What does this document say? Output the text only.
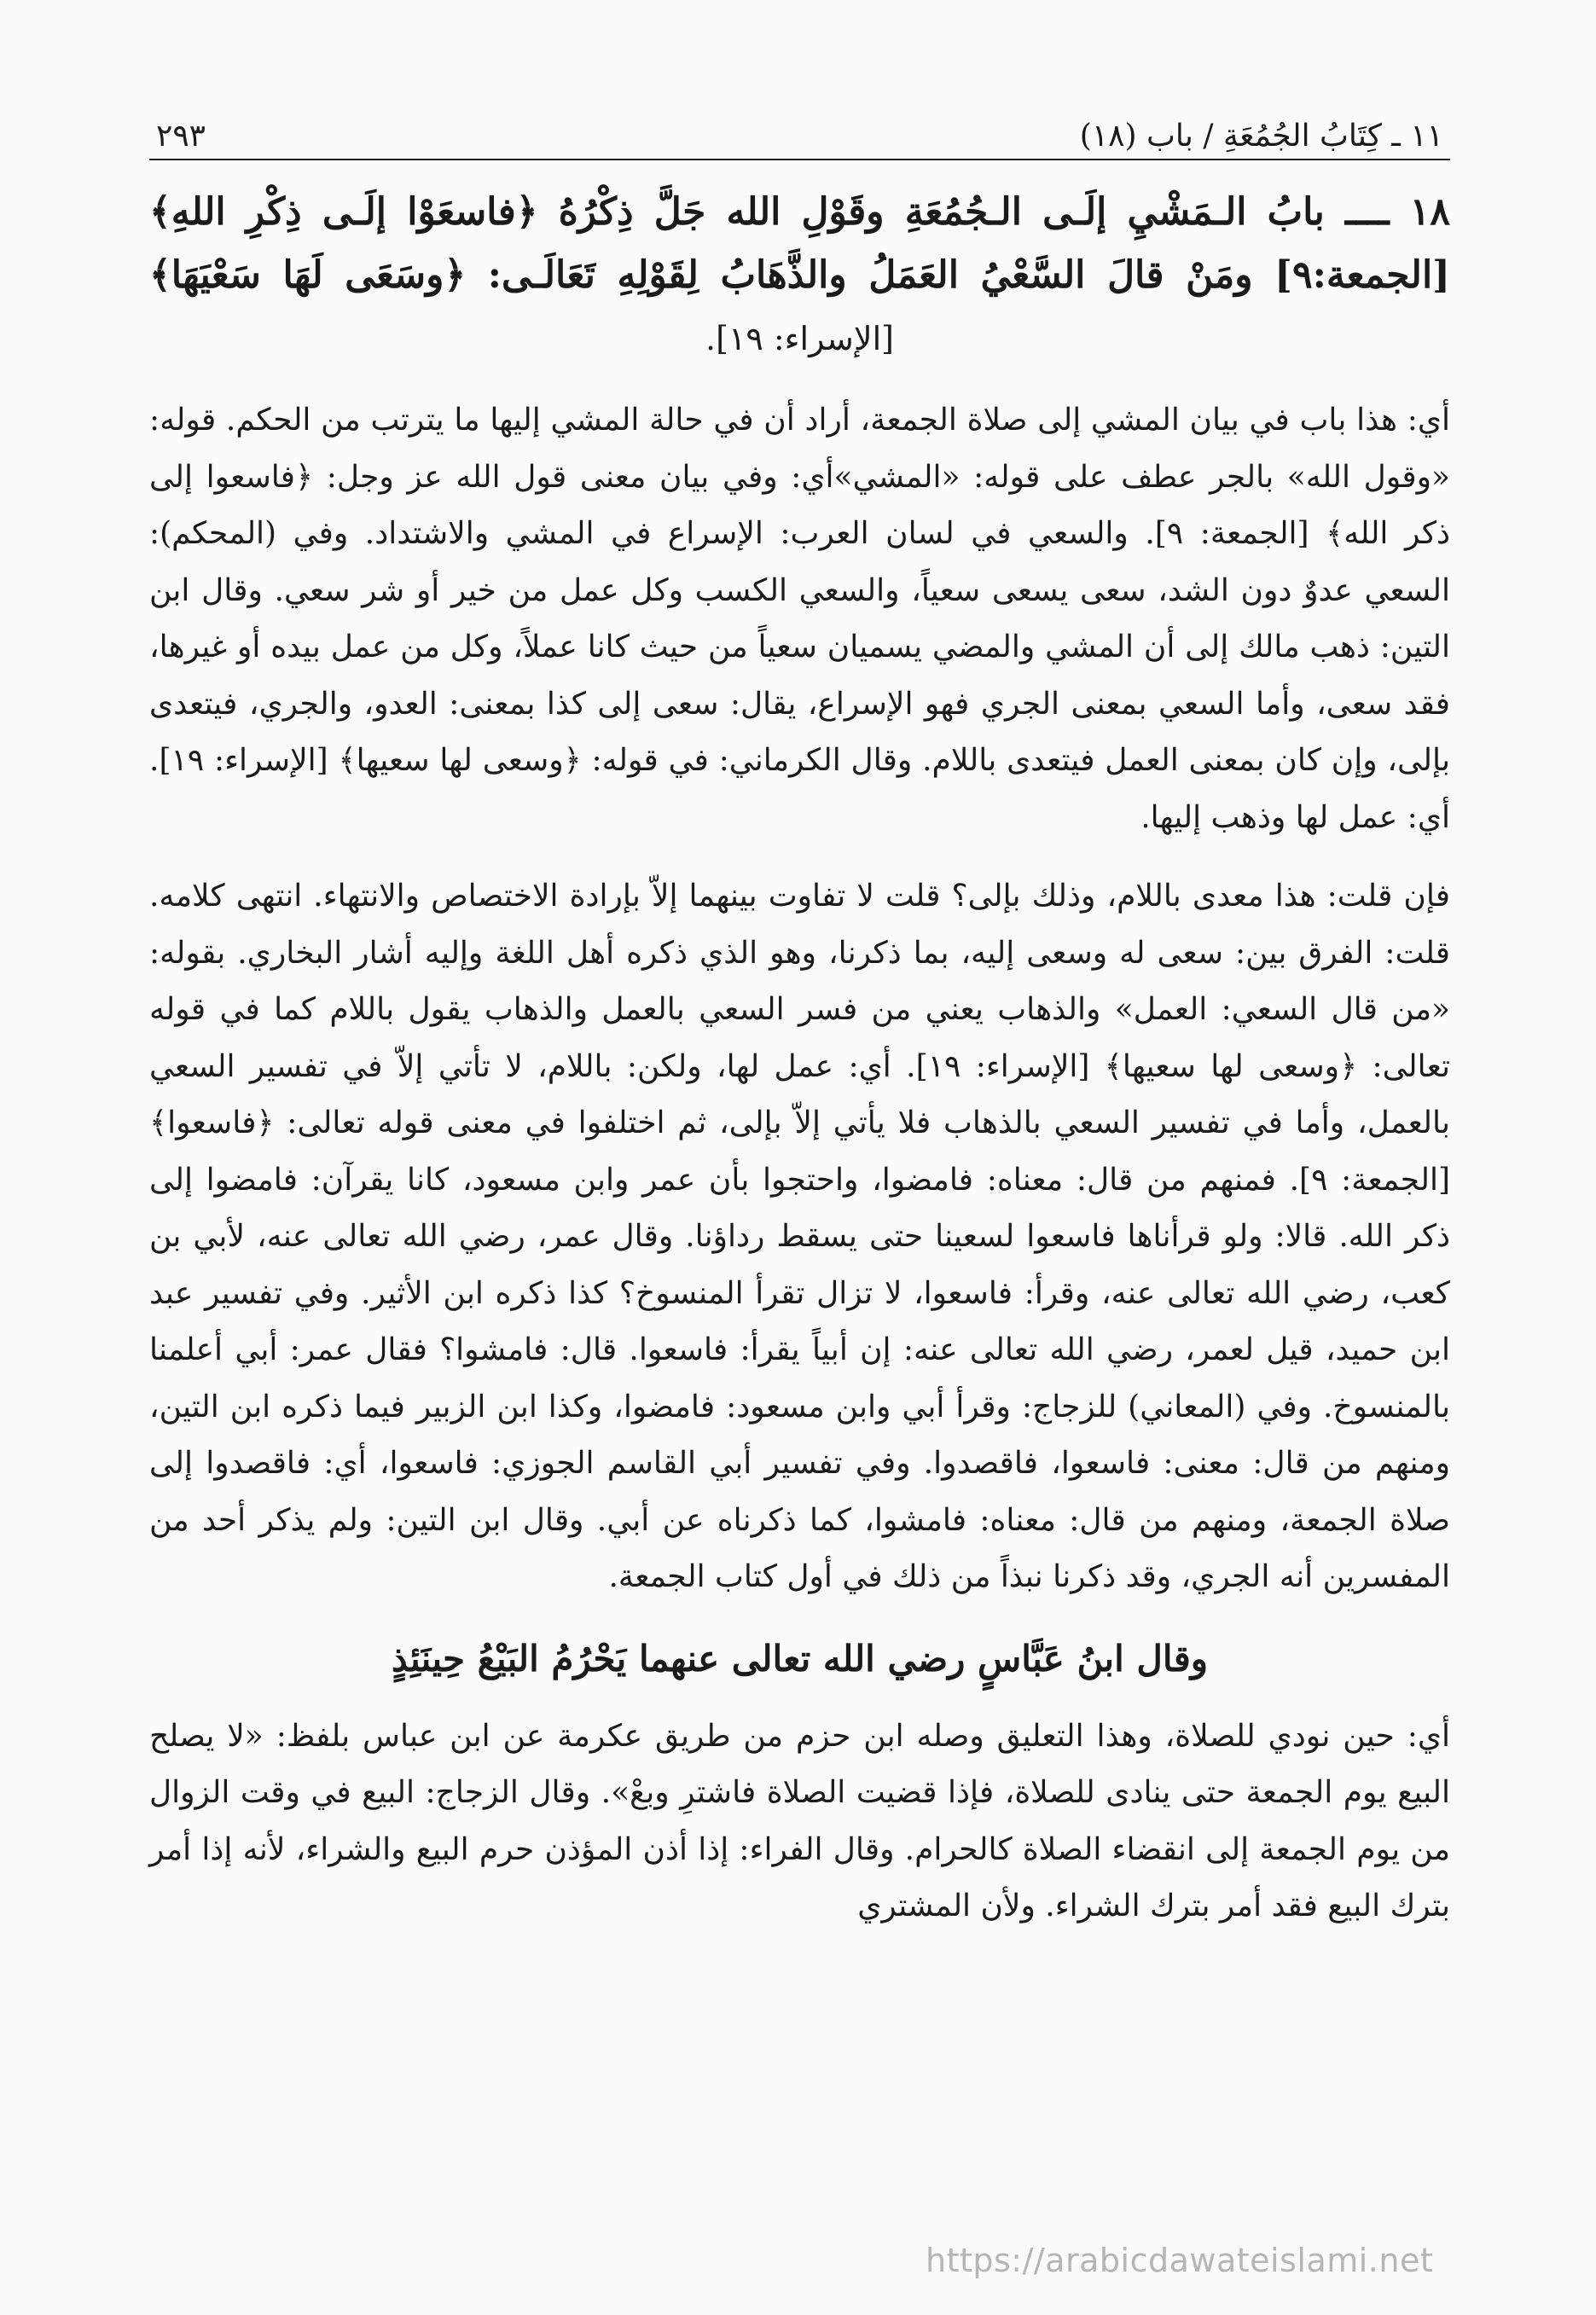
١١ ـ كِتَابُ الجُمُعَةِ / باب (١٨)
٢٩٣
١٨ ــــ بابُ الـمَشْيِ إلَـى الـجُمُعَةِ وقَوْلِ الله جَلَّ ذِكْرُهُ ﴿فاسعَوْا إلَـى ذِكْرِ اللهِ﴾
[الجمعة:٩] ومَنْ قالَ السَّعْيُ العَمَلُ والذَّهَابُ لِقَوْلِهِ تَعَالَـى: ﴿وسَعَى لَهَا سَعْيَهَا﴾
[الإسراء: ١٩].

أي: هذا باب في بيان المشي إلى صلاة الجمعة، أراد أن في حالة المشي إليها ما يترتب من الحكم. قوله: «وقول الله» بالجر عطف على قوله: «المشي»أي: وفي بيان معنى قول الله عز وجل: ﴿فاسعوا إلى ذكر الله﴾ [الجمعة: ٩]. والسعي في لسان العرب: الإسراع في المشي والاشتداد. وفي (المحكم): السعي عدوٌ دون الشد، سعى يسعى سعياً، والسعي الكسب وكل عمل من خير أو شر سعي. وقال ابن التين: ذهب مالك إلى أن المشي والمضي يسميان سعياً من حيث كانا عملاً، وكل من عمل بيده أو غيرها، فقد سعى، وأما السعي بمعنى الجري فهو الإسراع، يقال: سعى إلى كذا بمعنى: العدو، والجري، فيتعدى بإلى، وإن كان بمعنى العمل فيتعدى باللام. وقال الكرماني: في قوله: ﴿وسعى لها سعيها﴾ [الإسراء: ١٩]. أي: عمل لها وذهب إليها.

فإن قلت: هذا معدى باللام، وذلك بإلى؟ قلت لا تفاوت بينهما إلاّ بإرادة الاختصاص والانتهاء. انتهى كلامه. قلت: الفرق بين: سعى له وسعى إليه، بما ذكرنا، وهو الذي ذكره أهل اللغة وإليه أشار البخاري. بقوله: «من قال السعي: العمل» والذهاب يعني من فسر السعي بالعمل والذهاب يقول باللام كما في قوله تعالى: ﴿وسعى لها سعيها﴾ [الإسراء: ١٩]. أي: عمل لها، ولكن: باللام، لا تأتي إلاّ في تفسير السعي بالعمل، وأما في تفسير السعي بالذهاب فلا يأتي إلاّ بإلى، ثم اختلفوا في معنى قوله تعالى: ﴿فاسعوا﴾ [الجمعة: ٩]. فمنهم من قال: معناه: فامضوا، واحتجوا بأن عمر وابن مسعود، كانا يقرآن: فامضوا إلى ذكر الله. قالا: ولو قرأناها فاسعوا لسعينا حتى يسقط رداؤنا. وقال عمر، رضي الله تعالى عنه، لأبي بن كعب، رضي الله تعالى عنه، وقرأ: فاسعوا، لا تزال تقرأ المنسوخ؟ كذا ذكره ابن الأثير. وفي تفسير عبد ابن حميد، قيل لعمر، رضي الله تعالى عنه: إن أبياً يقرأ: فاسعوا. قال: فامشوا؟ فقال عمر: أبي أعلمنا بالمنسوخ. وفي (المعاني) للزجاج: وقرأ أبي وابن مسعود: فامضوا، وكذا ابن الزبير فيما ذكره ابن التين، ومنهم من قال: معنى: فاسعوا، فاقصدوا. وفي تفسير أبي القاسم الجوزي: فاسعوا، أي: فاقصدوا إلى صلاة الجمعة، ومنهم من قال: معناه: فامشوا، كما ذكرناه عن أبي. وقال ابن التين: ولم يذكر أحد من المفسرين أنه الجري، وقد ذكرنا نبذاً من ذلك في أول كتاب الجمعة.

وقال ابنُ عَبَّاسٍ رضي الله تعالى عنهما يَحْرُمُ البَيْعُ حِينَئِذٍ

أي: حين نودي للصلاة، وهذا التعليق وصله ابن حزم من طريق عكرمة عن ابن عباس بلفظ: «لا يصلح البيع يوم الجمعة حتى ينادى للصلاة، فإذا قضيت الصلاة فاشترِ وبعْ». وقال الزجاج: البيع في وقت الزوال من يوم الجمعة إلى انقضاء الصلاة كالحرام. وقال الفراء: إذا أذن المؤذن حرم البيع والشراء، لأنه إذا أمر بترك البيع فقد أمر بترك الشراء. ولأن المشتري

https://arabicdawateislami.net
